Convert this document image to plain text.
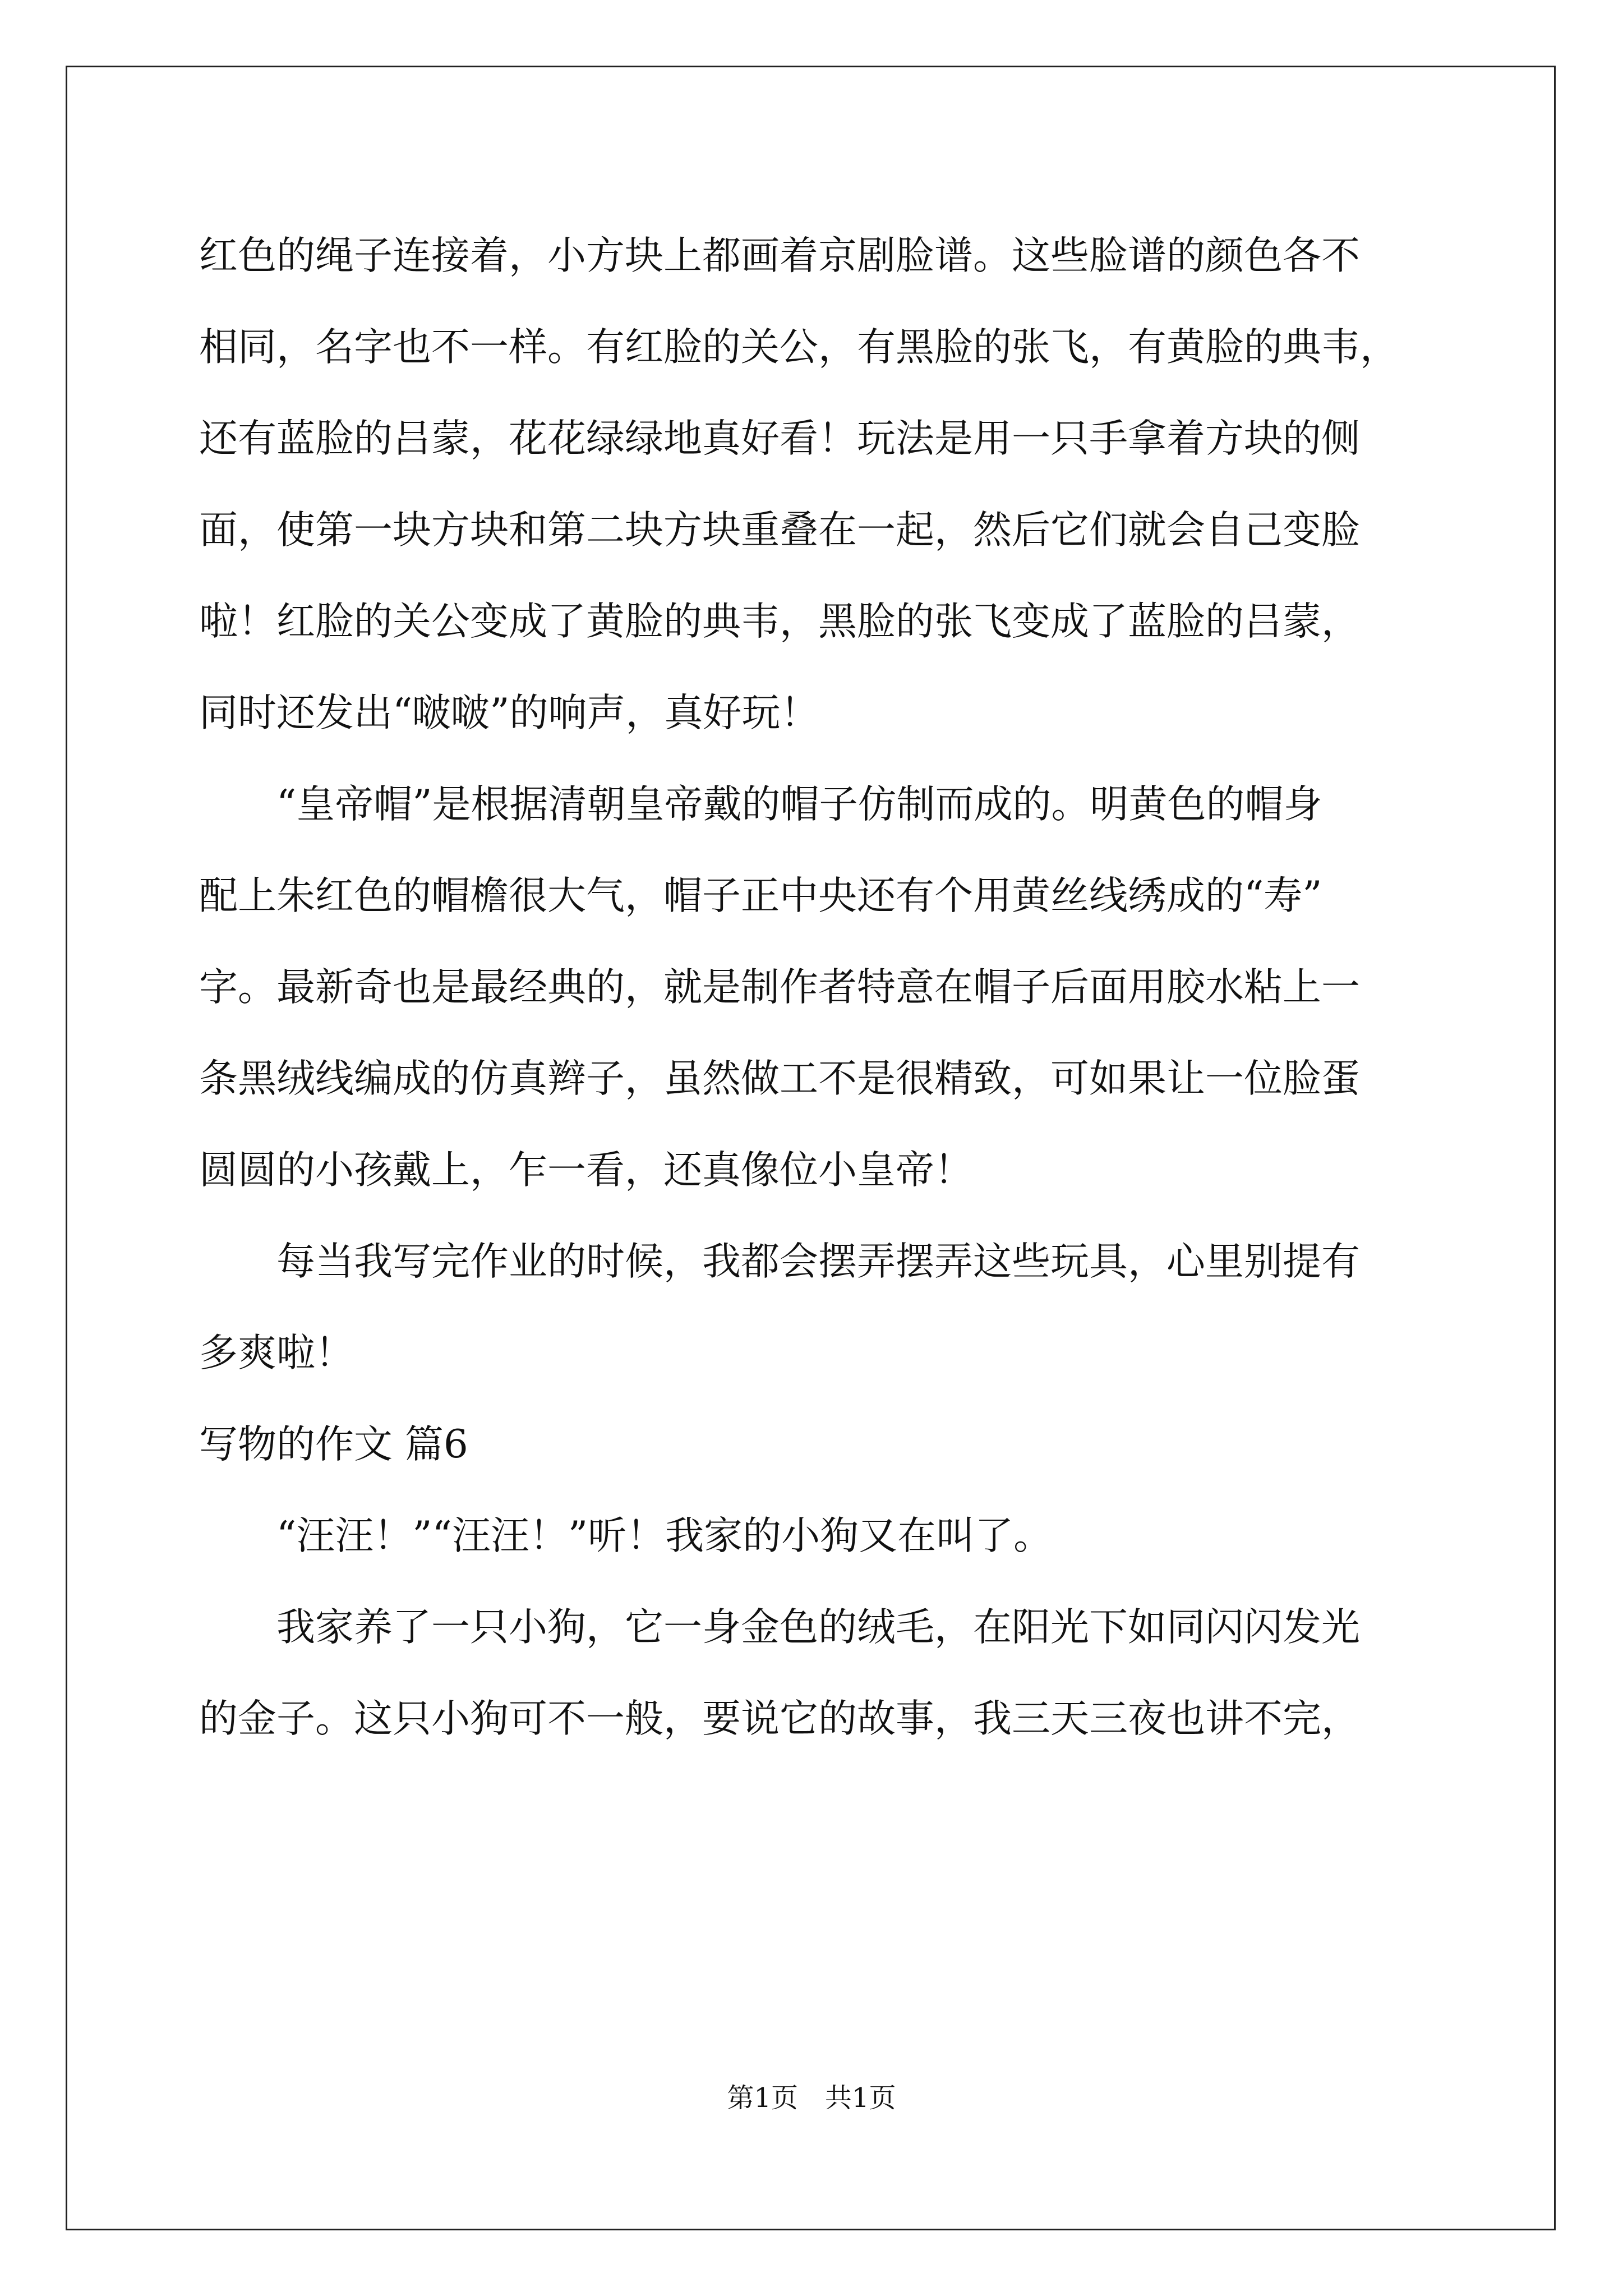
红色的绳子连接着，小方块上都画着京剧脸谱。这些脸谱的颜色各不
相同，名字也不一样。有红脸的关公，有黑脸的张飞，有黄脸的典韦，
还有蓝脸的吕蒙，花花绿绿地真好看！玩法是用一只手拿着方块的侧
面，使第一块方块和第二块方块重叠在一起，然后它们就会自己变脸
啦！红脸的关公变成了黄脸的典韦，黑脸的张飞变成了蓝脸的吕蒙，
同时还发出“啵啵”的响声，真好玩！
“皇帝帽”是根据清朝皇帝戴的帽子仿制而成的。明黄色的帽身
配上朱红色的帽檐很大气，帽子正中央还有个用黄丝线绣成的“寿”
字。最新奇也是最经典的，就是制作者特意在帽子后面用胶水粘上一
条黑绒线编成的仿真辫子，虽然做工不是很精致，可如果让一位脸蛋
圆圆的小孩戴上，乍一看，还真像位小皇帝！
每当我写完作业的时候，我都会摆弄摆弄这些玩具，心里别提有
多爽啦！
写物的作文 篇6
“汪汪！”“汪汪！”听！我家的小狗又在叫了。
我家养了一只小狗，它一身金色的绒毛，在阳光下如同闪闪发光
的金子。这只小狗可不一般，要说它的故事，我三天三夜也讲不完，
第1页　共1页
